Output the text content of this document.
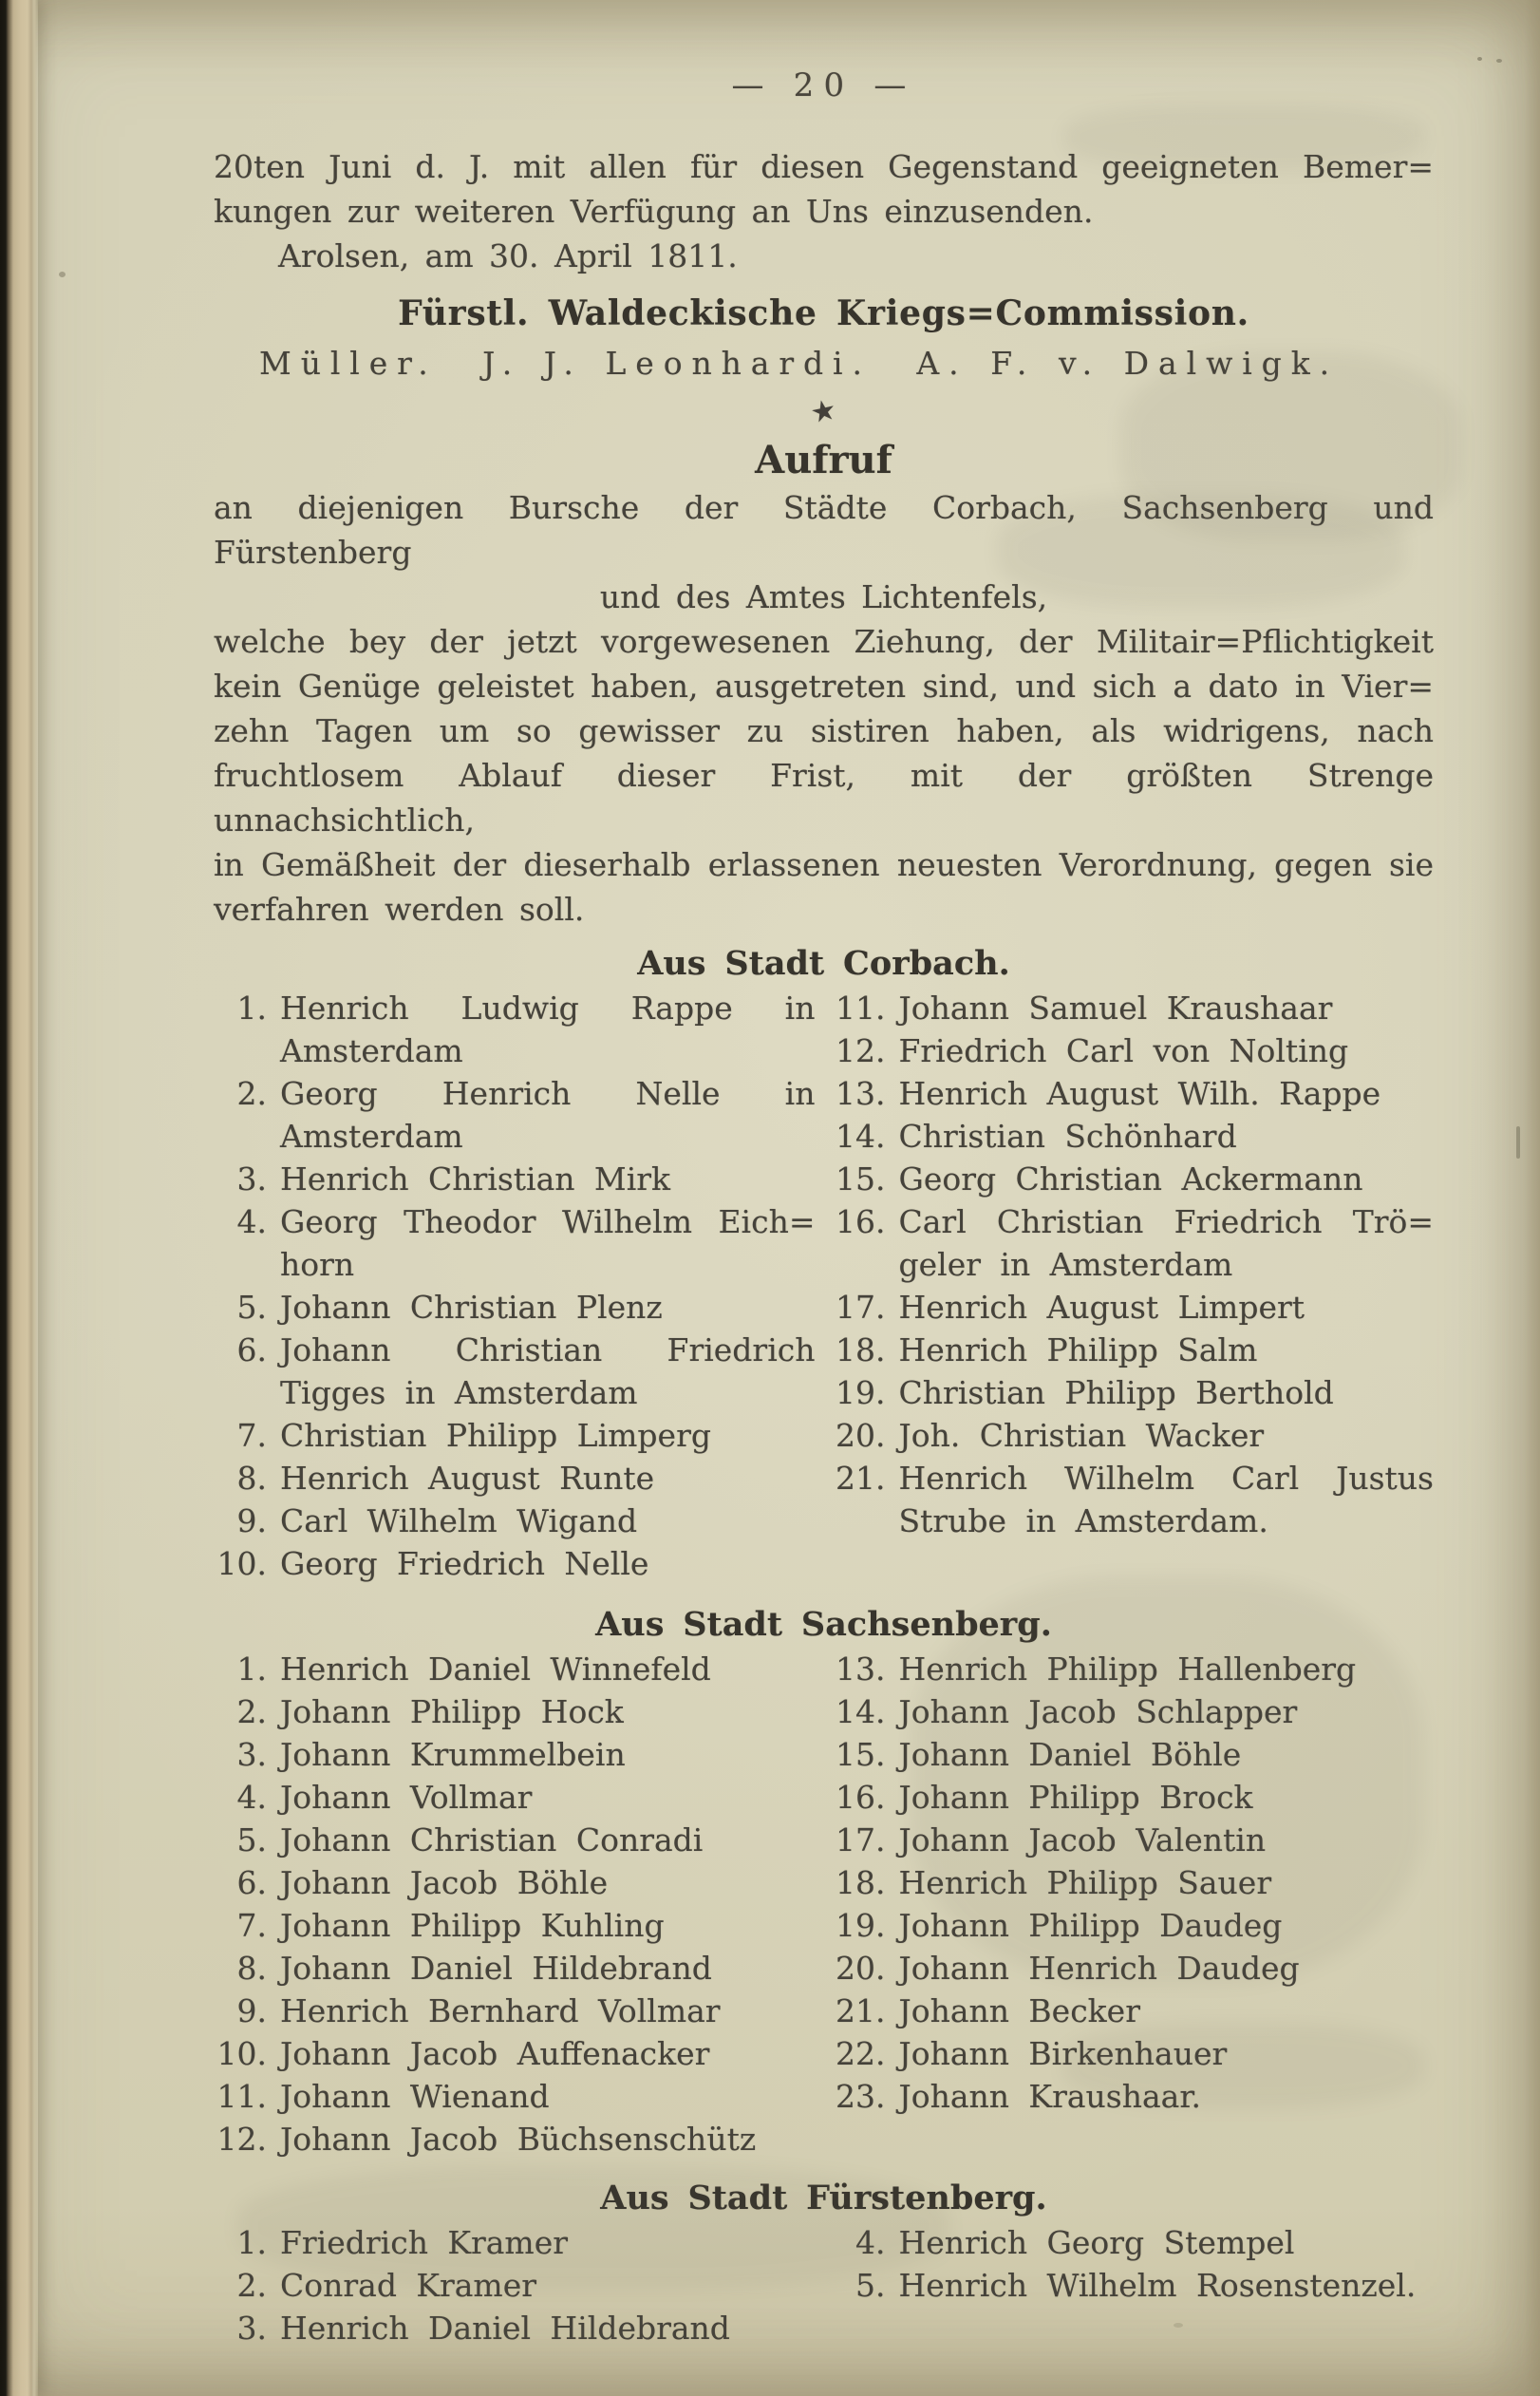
— 20 —
20ten Juni d. J. mit allen für diesen Gegenstand geeigneten Bemer=
kungen zur weiteren Verfügung an Uns einzusenden.
Arolsen, am 30. April 1811.
Fürstl. Waldeckische Kriegs=Commission.
Müller. J. J. Leonhardi. A. F. v. Dalwigk.
★
Aufruf
an diejenigen Bursche der Städte Corbach, Sachsenberg und Fürstenberg
und des Amtes Lichtenfels,
welche bey der jetzt vorgewesenen Ziehung, der Militair=Pflichtigkeit
kein Genüge geleistet haben, ausgetreten sind, und sich a dato in Vier=
zehn Tagen um so gewisser zu sistiren haben, als widrigens, nach
fruchtlosem Ablauf dieser Frist, mit der größten Strenge unnachsichtlich,
in Gemäßheit der dieserhalb erlassenen neuesten Verordnung, gegen sie
verfahren werden soll.
Aus Stadt Corbach.
1. Henrich Ludwig Rappe in
Amsterdam
2. Georg Henrich Nelle in
Amsterdam
3. Henrich Christian Mirk
4. Georg Theodor Wilhelm Eich=
horn
5. Johann Christian Plenz
6. Johann Christian Friedrich
Tigges in Amsterdam
7. Christian Philipp Limperg
8. Henrich August Runte
9. Carl Wilhelm Wigand
10. Georg Friedrich Nelle
11. Johann Samuel Kraushaar
12. Friedrich Carl von Nolting
13. Henrich August Wilh. Rappe
14. Christian Schönhard
15. Georg Christian Ackermann
16. Carl Christian Friedrich Trö=
geler in Amsterdam
17. Henrich August Limpert
18. Henrich Philipp Salm
19. Christian Philipp Berthold
20. Joh. Christian Wacker
21. Henrich Wilhelm Carl Justus
Strube in Amsterdam.
Aus Stadt Sachsenberg.
1. Henrich Daniel Winnefeld
2. Johann Philipp Hock
3. Johann Krummelbein
4. Johann Vollmar
5. Johann Christian Conradi
6. Johann Jacob Böhle
7. Johann Philipp Kuhling
8. Johann Daniel Hildebrand
9. Henrich Bernhard Vollmar
10. Johann Jacob Auffenacker
11. Johann Wienand
12. Johann Jacob Büchsenschütz
13. Henrich Philipp Hallenberg
14. Johann Jacob Schlapper
15. Johann Daniel Böhle
16. Johann Philipp Brock
17. Johann Jacob Valentin
18. Henrich Philipp Sauer
19. Johann Philipp Daudeg
20. Johann Henrich Daudeg
21. Johann Becker
22. Johann Birkenhauer
23. Johann Kraushaar.
Aus Stadt Fürstenberg.
1. Friedrich Kramer
2. Conrad Kramer
3. Henrich Daniel Hildebrand
4. Henrich Georg Stempel
5. Henrich Wilhelm Rosenstenzel.
